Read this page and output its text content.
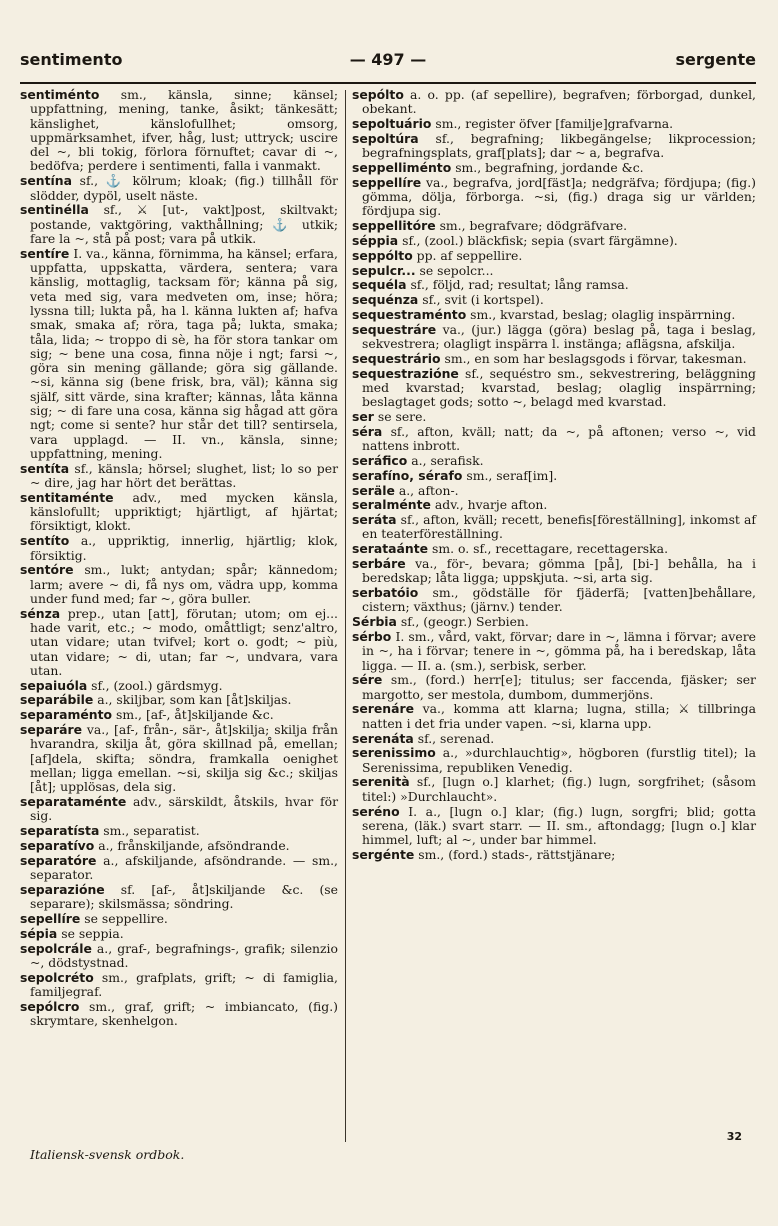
sentimento	— 497 —	sergente

sentiménto sm., känsla, sinne; känsel; uppfattning, mening, tanke, åsikt; tänkesätt; känslighet, känslofullhet; omsorg, uppmärksamhet, ifver, håg, lust; uttryck; uscire del ~, bli tokig, förlora förnuftet; cavar di ~, bedöfva; perdere i sentimenti, falla i vanmakt.

sentína sf., ⚓ kölrum; kloak; (fig.) tillhåll för slödder, dypöl, uselt näste.

sentinélla sf., ⚔ [ut-, vakt]post, skiltvakt; postande, vaktgöring, vakthållning; ⚓ utkik; fare la ~, stå på post; vara på utkik.

sentíre I. va., känna, förnimma, ha känsel; erfara, uppfatta, uppskatta, värdera, sentera; vara känslig, mottaglig, tacksam för; känna på sig, veta med sig, vara medveten om, inse; höra; lyssna till; lukta på, ha l. känna lukten af; hafva smak, smaka af; röra, taga på; lukta, smaka; tåla, lida; ~ troppo di sè, ha för stora tankar om sig; ~ bene una cosa, finna nöje i ngt; farsi ~, göra sin mening gällande; göra sig gällande. ~si, känna sig (bene frisk, bra, väl); känna sig själf, sitt värde, sina krafter; kännas, låta känna sig; ~ di fare una cosa, känna sig hågad att göra ngt; come si sente? hur står det till? sentirsela, vara upplagd. — II. vn., känsla, sinne; uppfattning, mening.

sentíta sf., känsla; hörsel; slughet, list; lo so per ~ dire, jag har hört det berättas.

sentitaménte adv., med mycken känsla, känslofullt; uppriktigt; hjärtligt, af hjärtat; försiktigt, klokt.

sentíto a., uppriktig, innerlig, hjärtlig; klok, försiktig.

sentóre sm., lukt; antydan; spår; kännedom; larm; avere ~ di, få nys om, vädra upp, komma under fund med; far ~, göra buller.

sénza prep., utan [att], förutan; utom; om ej... hade varit, etc.; ~ modo, omåttligt; senz'altro, utan vidare; utan tvifvel; kort o. godt; ~ più, utan vidare; ~ di, utan; far ~, undvara, vara utan.

sepaiuóla sf., (zool.) gärdsmyg.

separábile a., skiljbar, som kan [åt]skiljas.

separaménto sm., [af-, åt]skiljande &c.

separáre va., [af-, från-, sär-, åt]skilja; skilja från hvarandra, skilja åt, göra skillnad på, emellan; [af]dela, skifta; söndra, framkalla oenighet mellan; ligga emellan. ~si, skilja sig &c.; skiljas [åt]; upplösas, dela sig.

separataménte adv., särskildt, åtskils, hvar för sig.

separatísta sm., separatist.

separatívo a., frånskiljande, afsöndrande.

separatóre a., afskiljande, afsöndrande. — sm., separator.

separazióne sf. [af-, åt]skiljande &c. (se separare); skilsmässa; söndring.

sepellíre se seppellire.

sépia se seppia.

sepolcrále a., graf-, begrafnings-, grafik; silenzio ~, dödstystnad.

sepolcréto sm., grafplats, grift; ~ di famiglia, familjegraf.

sepólcro sm., graf, grift; ~ imbiancato, (fig.) skrymtare, skenhelgon.

sepólto a. o. pp. (af sepellire), begrafven; förborgad, dunkel, obekant.

sepoltuário sm., register öfver [familje]grafvarna.

sepoltúra sf., begrafning; likbegängelse; likprocession; begrafningsplats, graf[plats]; dar ~ a, begrafva.

seppelliménto sm., begrafning, jordande &c.

seppellíre va., begrafva, jord[fäst]a; nedgräfva; fördjupa; (fig.) gömma, dölja, förborga. ~si, (fig.) draga sig ur världen; fördjupa sig.

seppellitóre sm., begrafvare; dödgräfvare.

séppia sf., (zool.) bläckfisk; sepia (svart färgämne).

seppólto pp. af seppellire.

sepulcr... se sepolcr...

sequéla sf., följd, rad; resultat; lång ramsa.

sequénza sf., svit (i kortspel).

sequestraménto sm., kvarstad, beslag; olaglig inspärrning.

sequestráre va., (jur.) lägga (göra) beslag på, taga i beslag, sekvestrera; olagligt inspärra l. instänga; aflägsna, afskilja.

sequestrário sm., en som har beslagsgods i förvar, takesman.

sequestrazióne sf., sequéstro sm., sekvestrering, beläggning med kvarstad; kvarstad, beslag; olaglig inspärrning; beslagtaget gods; sotto ~, belagd med kvarstad.

ser se sere.

séra sf., afton, kväll; natt; da ~, på aftonen; verso ~, vid nattens inbrott.

seráfico a., serafisk.

serafíno, sérafo sm., seraf[im].

seräle a., afton-.

seralménte adv., hvarje afton.

seráta sf., afton, kväll; recett, benefis[föreställning], inkomst af en teaterföreställning.

serataánte sm. o. sf., recettagare, recettagerska.

serbáre va., för-, bevara; gömma [på], [bi-] behålla, ha i beredskap; låta ligga; uppskjuta. ~si, arta sig.

serbatóio sm., gödställe för fjäderfä; [vatten]behållare, cistern; växthus; (järnv.) tender.

Sérbia sf., (geogr.) Serbien.

sérbo I. sm., vård, vakt, förvar; dare in ~, lämna i förvar; avere in ~, ha i förvar; tenere in ~, gömma på, ha i beredskap, låta ligga. — II. a. (sm.), serbisk, serber.

sére sm., (ford.) herr[e]; titulus; ser faccenda, fjäsker; ser margotto, ser mestola, dumbom, dummerjöns.

serenáre va., komma att klarna; lugna, stilla; ⚔ tillbringa natten i det fria under vapen. ~si, klarna upp.

serenáta sf., serenad.

serenissimo a., »durchlauchtig», högboren (furstlig titel); la Serenissima, republiken Venedig.

serenità sf., [lugn o.] klarhet; (fig.) lugn, sorgfrihet; (såsom titel:) »Durchlaucht».

seréno I. a., [lugn o.] klar; (fig.) lugn, sorgfri; blid; gotta serena, (läk.) svart starr. — II. sm., aftondagg; [lugn o.] klar himmel, luft; al ~, under bar himmel.

sergénte sm., (ford.) stads-, rättstjänare;

Italiensk-svensk ordbok.
32
